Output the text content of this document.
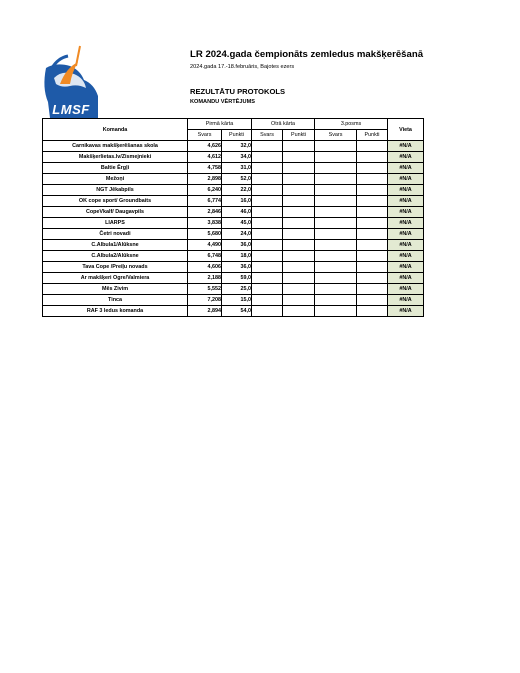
LMSF
LR 2024.gada čempionāts zemledus makšķerēšanā
2024.gada 17.-18.februāris, Bajotes ezers
REZULTĀTU PROTOKOLS
KOMANDU VĒRTĒJUMS
Komanda	Pirmā kārta		Otrā kārta		3.posms		Vieta
	Svars	Punkti	Svars	Punkti	Svars	Punkti	
Carnikavas makšķerēšanas skola	4,626	32,0					#N/A
Makšķerlietas.lv/Zismejnieki	4,612	34,0					#N/A
Baltie Ērgļi	4,758	31,0					#N/A
Mežoņi	2,898	52,0					#N/A
NGT Jēkabpils	6,240	22,0					#N/A
OK cope sport/ Groundbaits	6,774	16,0					#N/A
CopeVkalf/ Daugavpils	2,846	46,0					#N/A
LIARPS	3,838	45,0					#N/A
Četri novadi	5,680	24,0					#N/A
C.Albula1/Alūksne	4,490	36,0					#N/A
C.Albula2/Alūksne	6,748	18,0					#N/A
Tava Cope /Preiļu novads	4,606	36,0					#N/A
Ar makšķeri Ogre/Valmiera	2,188	59,0					#N/A
Mēs Zivim	5,552	25,0					#N/A
Tinca	7,208	15,0					#N/A
RAF 3 ledus komanda	2,894	54,0					#N/A
